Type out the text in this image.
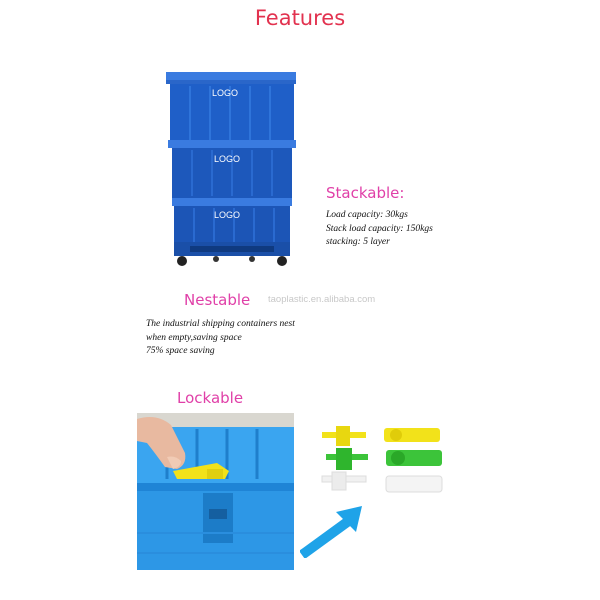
Features
LOGO
LOGO
LOGO
Stackable:
Load capacity: 30kgs
Stack load capacity: 150kgs
stacking: 5 layer
Nestable taoplastic.en.alibaba.com
The industrial shipping containers nest
when empty,saving space
75% space saving
Lockable
